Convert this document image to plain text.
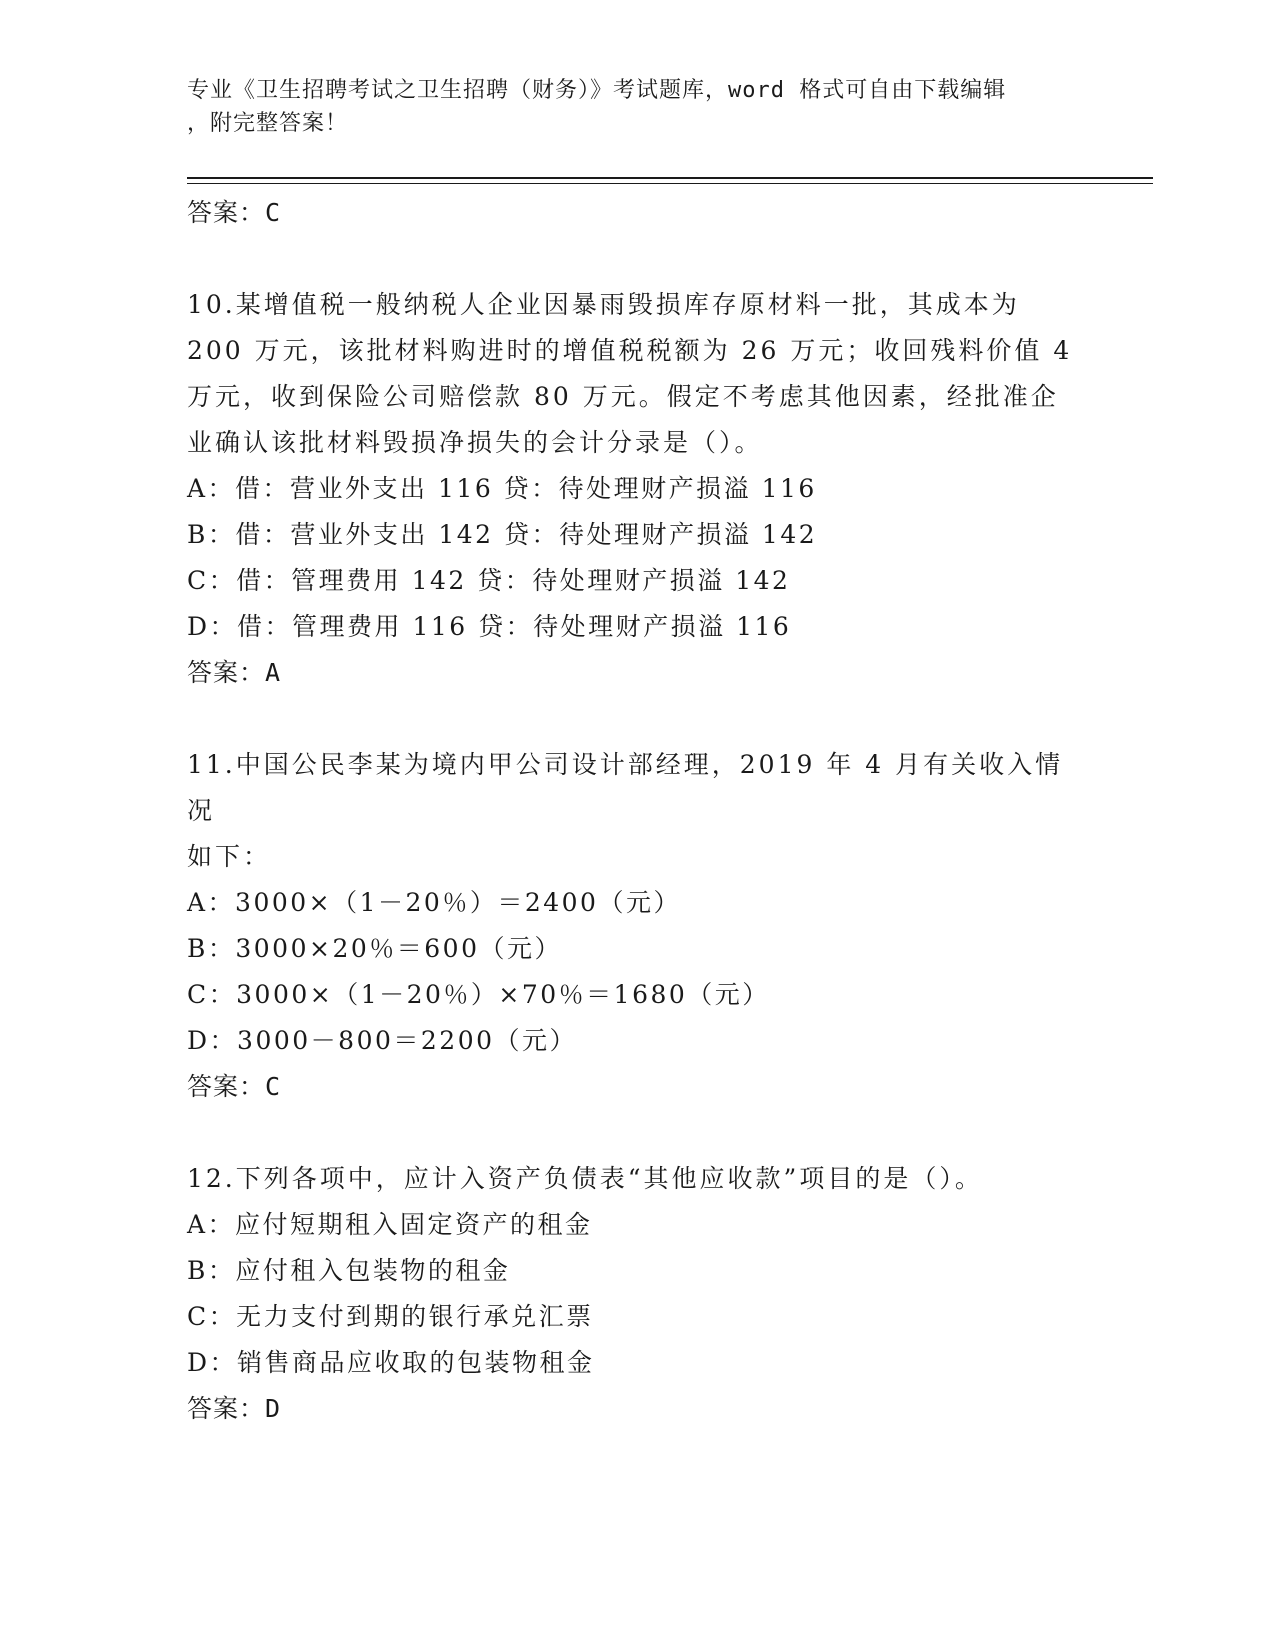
专业《卫生招聘考试之卫生招聘（财务）》考试题库，word 格式可自由下载编辑
，附完整答案！
答案：C
10.某增值税一般纳税人企业因暴雨毁损库存原材料一批，其成本为
200 万元，该批材料购进时的增值税税额为 26 万元；收回残料价值 4
万元，收到保险公司赔偿款 80 万元。假定不考虑其他因素，经批准企
业确认该批材料毁损净损失的会计分录是（）。
A：借：营业外支出 116 贷：待处理财产损溢 116
B：借：营业外支出 142 贷：待处理财产损溢 142
C：借：管理费用 142 贷：待处理财产损溢 142
D：借：管理费用 116 贷：待处理财产损溢 116
答案：A
11.中国公民李某为境内甲公司设计部经理，2019 年 4 月有关收入情况
如下：
A：3000×（1－20％）＝2400（元）
B：3000×20％＝600（元）
C：3000×（1－20％）×70％＝1680（元）
D：3000－800＝2200（元）
答案：C
12.下列各项中，应计入资产负债表“其他应收款”项目的是（）。
A：应付短期租入固定资产的租金
B：应付租入包装物的租金
C：无力支付到期的银行承兑汇票
D：销售商品应收取的包装物租金
答案：D
